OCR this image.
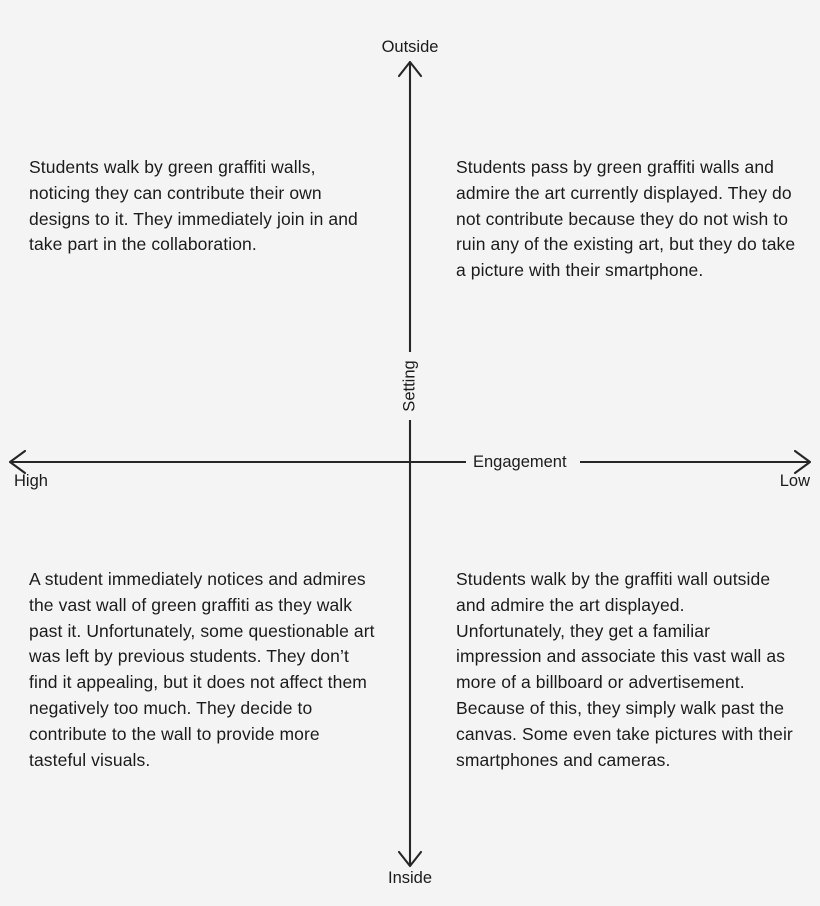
Outside
Inside
High	Low
Engagement
Setting
Students walk by green graffiti walls, noticing they can contribute their own designs to it. They immediately join in and take part in the collaboration.
Students pass by green graffiti walls and admire the art currently displayed. They do not contribute because they do not wish to ruin any of the existing art, but they do take a picture with their smartphone.
A student immediately notices and admires the vast wall of green graffiti as they walk past it. Unfortunately, some questionable art was left by previous students. They don’t find it appealing, but it does not affect them negatively too much. They decide to contribute to the wall to provide more tasteful visuals.
Students walk by the graffiti wall outside and admire the art displayed. Unfortunately, they get a familiar impression and associate this vast wall as more of a billboard or advertisement. Because of this, they simply walk past the canvas. Some even take pictures with their smartphones and cameras.
